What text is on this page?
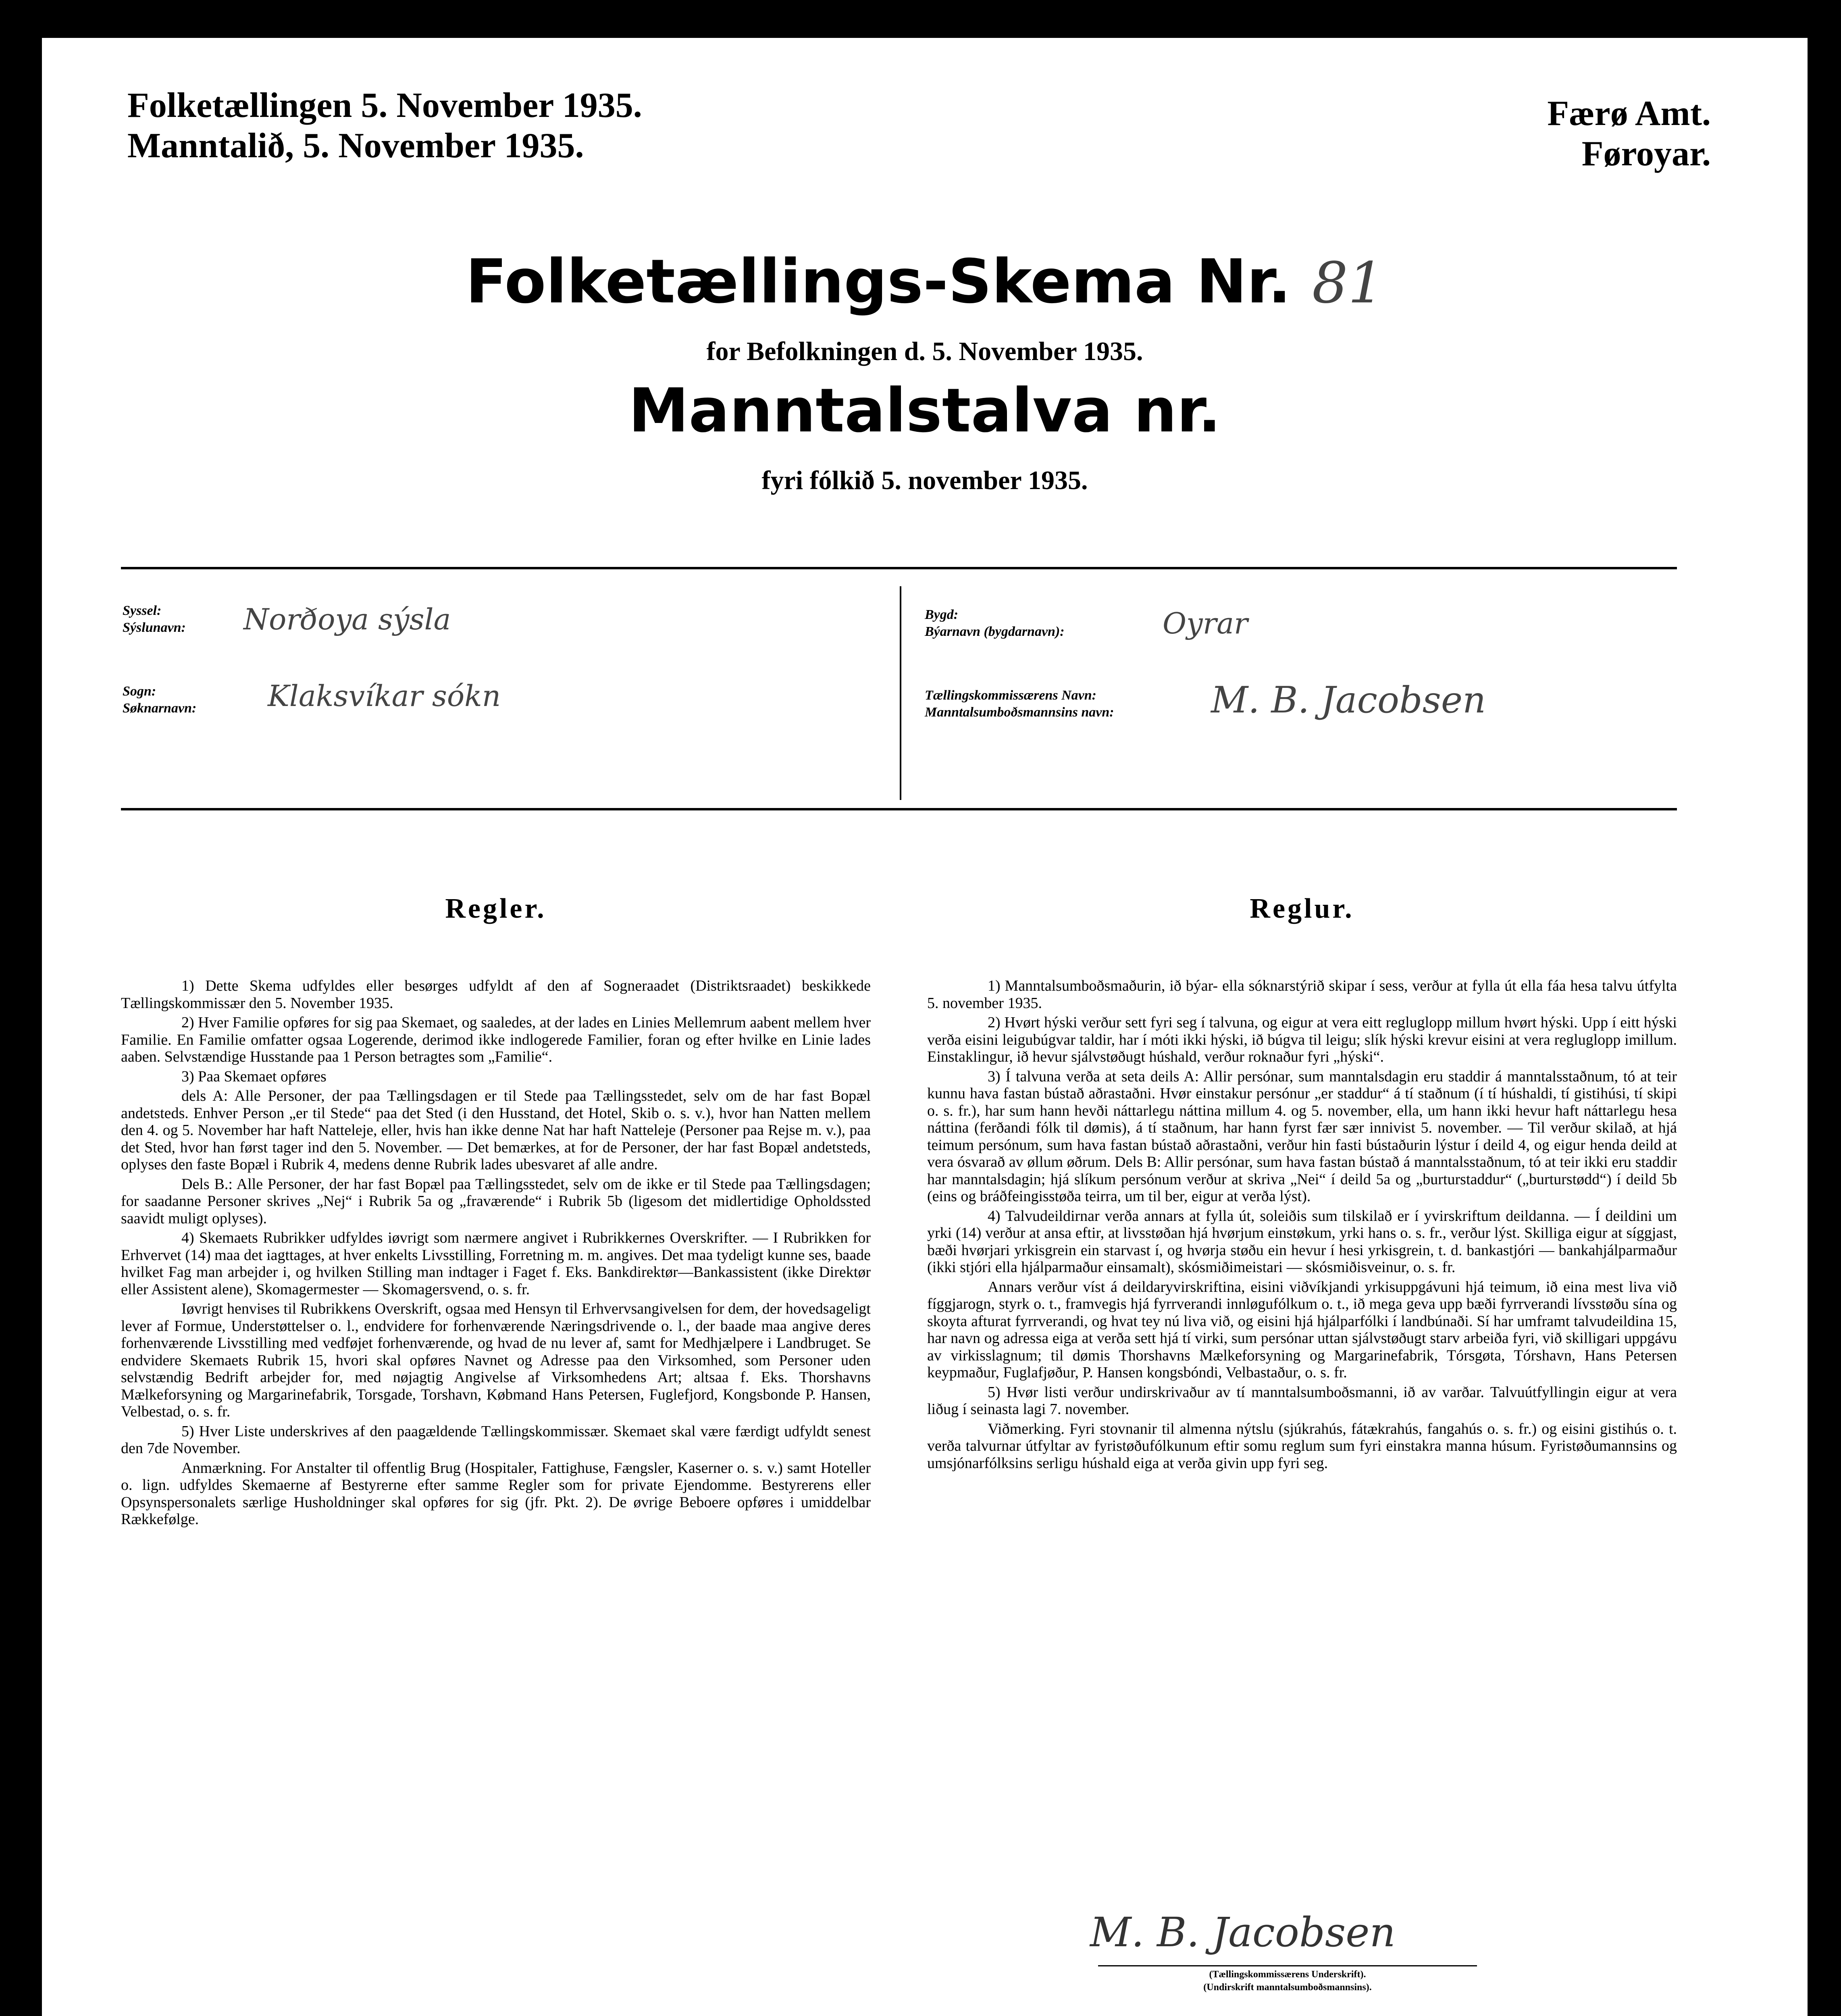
Folketællingen 5. November 1935.
Manntalið, 5. November 1935.
Færø Amt.
Føroyar.
Folketællings-Skema Nr. 81
for Befolkningen d. 5. November 1935.
Manntalstalva nr.
fyri fólkið 5. november 1935.
Syssel:
Sýslunavn: Norðoya sýsla
Sogn:
Søknarnavn: Klaksvíkar sókn
Bygd:
Býarnavn (bygdarnavn):	Oyrar
Tællingskommissærens Navn:
Manntalsumboðsmannsins navn:	M. B. Jacobsen
Regler.

1) Dette Skema udfyldes eller besørges udfyldt af den af Sogneraadet (Distriktsraadet) beskikkede Tællingskommissær den 5. November 1935.

2) Hver Familie opføres for sig paa Skemaet, og saaledes, at der lades en Linies Mellemrum aabent mellem hver Familie. En Familie omfatter ogsaa Logerende, derimod ikke indlogerede Familier, foran og efter hvilke en Linie lades aaben. Selvstændige Husstande paa 1 Person betragtes som „Familie“.

3) Paa Skemaet opføres

dels A: Alle Personer, der paa Tællingsdagen er til Stede paa Tællingsstedet, selv om de har fast Bopæl andetsteds. Enhver Person „er til Stede“ paa det Sted (i den Husstand, det Hotel, Skib o. s. v.), hvor han Natten mellem den 4. og 5. November har haft Natteleje, eller, hvis han ikke denne Nat har haft Natteleje (Personer paa Rejse m. v.), paa det Sted, hvor han først tager ind den 5. November. — Det bemærkes, at for de Personer, der har fast Bopæl andetsteds, oplyses den faste Bopæl i Rubrik 4, medens denne Rubrik lades ubesvaret af alle andre.

Dels B.: Alle Personer, der har fast Bopæl paa Tællingsstedet, selv om de ikke er til Stede paa Tællingsdagen; for saadanne Personer skrives „Nej“ i Rubrik 5a og „fraværende“ i Rubrik 5b (ligesom det midlertidige Opholdssted saavidt muligt oplyses).

4) Skemaets Rubrikker udfyldes iøvrigt som nærmere angivet i Rubrikkernes Overskrifter. — I Rubrikken for Erhvervet (14) maa det iagttages, at hver enkelts Livsstilling, Forretning m. m. angives. Det maa tydeligt kunne ses, baade hvilket Fag man arbejder i, og hvilken Stilling man indtager i Faget f. Eks. Bankdirektør—Bankassistent (ikke Direktør eller Assistent alene), Skomagermester — Skomagersvend, o. s. fr.

Iøvrigt henvises til Rubrikkens Overskrift, ogsaa med Hensyn til Erhvervsangivelsen for dem, der hovedsageligt lever af Formue, Understøttelser o. l., endvidere for forhenværende Næringsdrivende o. l., der baade maa angive deres forhenværende Livsstilling med vedføjet forhenværende, og hvad de nu lever af, samt for Medhjælpere i Landbruget. Se endvidere Skemaets Rubrik 15, hvori skal opføres Navnet og Adresse paa den Virksomhed, som Personer uden selvstændig Bedrift arbejder for, med nøjagtig Angivelse af Virksomhedens Art; altsaa f. Eks. Thorshavns Mælkeforsyning og Margarinefabrik, Torsgade, Torshavn, Købmand Hans Petersen, Fuglefjord, Kongsbonde P. Hansen, Velbestad, o. s. fr.

5) Hver Liste underskrives af den paagældende Tællingskommissær. Skemaet skal være færdigt udfyldt senest den 7de November.

Anmærkning. For Anstalter til offentlig Brug (Hospitaler, Fattighuse, Fængsler, Kaserner o. s. v.) samt Hoteller o. lign. udfyldes Skemaerne af Bestyrerne efter samme Regler som for private Ejendomme. Bestyrerens eller Opsynspersonalets særlige Husholdninger skal opføres for sig (jfr. Pkt. 2). De øvrige Beboere opføres i umiddelbar Rækkefølge.

Reglur.

1) Manntalsumboðsmaðurin, ið býar- ella sóknarstýrið skipar í sess, verður at fylla út ella fáa hesa talvu útfylta 5. november 1935.

2) Hvørt hýski verður sett fyri seg í talvuna, og eigur at vera eitt regluglopp millum hvørt hýski. Upp í eitt hýski verða eisini leigubúgvar taldir, har í móti ikki hýski, ið búgva til leigu; slík hýski krevur eisini at vera regluglopp imillum. Einstaklingur, ið hevur sjálvstøðugt húshald, verður roknaður fyri „hýski“.

3) Í talvuna verða at seta deils A: Allir persónar, sum manntalsdagin eru staddir á manntalsstaðnum, tó at teir kunnu hava fastan bústað aðrastaðni. Hvør einstakur persónur „er staddur“ á tí staðnum (í tí húshaldi, tí gistihúsi, tí skipi o. s. fr.), har sum hann hevði náttarlegu náttina millum 4. og 5. november, ella, um hann ikki hevur haft náttarlegu hesa náttina (ferðandi fólk til dømis), á tí staðnum, har hann fyrst fær sær innivist 5. november. — Til verður skilað, at hjá teimum persónum, sum hava fastan bústað aðrastaðni, verður hin fasti bústaðurin lýstur í deild 4, og eigur henda deild at vera ósvarað av øllum øðrum. Dels B: Allir persónar, sum hava fastan bústað á manntalsstaðnum, tó at teir ikki eru staddir har manntalsdagin; hjá slíkum persónum verður at skriva „Nei“ í deild 5a og „burturstaddur“ („burturstødd“) í deild 5b (eins og bráðfeingisstøða teirra, um til ber, eigur at verða lýst).

4) Talvudeildirnar verða annars at fylla út, soleiðis sum tilskilað er í yvirskriftum deildanna. — Í deildini um yrki (14) verður at ansa eftir, at livsstøðan hjá hvørjum einstøkum, yrki hans o. s. fr., verður lýst. Skilliga eigur at síggjast, bæði hvørjari yrkisgrein ein starvast í, og hvørja støðu ein hevur í hesi yrkisgrein, t. d. bankastjóri — bankahjálparmaður (ikki stjóri ella hjálparmaður einsamalt), skósmiðimeistari — skósmiðisveinur, o. s. fr.

Annars verður víst á deildaryvirskriftina, eisini viðvíkjandi yrkisuppgávuni hjá teimum, ið eina mest liva við fíggjarogn, styrk o. t., framvegis hjá fyrrverandi innløgufólkum o. t., ið mega geva upp bæði fyrrverandi lívsstøðu sína og skoyta afturat fyrrverandi, og hvat tey nú liva við, og eisini hjá hjálparfólki í landbúnaði. Sí har umframt talvudeildina 15, har navn og adressa eiga at verða sett hjá tí virki, sum persónar uttan sjálvstøðugt starv arbeiða fyri, við skilligari uppgávu av virkisslagnum; til dømis Thorshavns Mælkeforsyning og Margarinefabrik, Tórsgøta, Tórshavn, Hans Petersen keypmaður, Fuglafjøður, P. Hansen kongsbóndi, Velbastaður, o. s. fr.

5) Hvør listi verður undirskrivaður av tí manntalsumboðsmanni, ið av varðar. Talvuútfyllingin eigur at vera liðug í seinasta lagi 7. november.

Viðmerking. Fyri stovnanir til almenna nýtslu (sjúkrahús, fátækrahús, fangahús o. s. fr.) og eisini gistihús o. t. verða talvurnar útfyltar av fyristøðufólkunum eftir somu reglum sum fyri einstakra manna húsum. Fyristøðumannsins og umsjónarfólksins serligu húshald eiga at verða givin upp fyri seg.

M. B. Jacobsen
(Tællingskommissærens Underskrift).
(Undirskrift manntalsumboðsmannsins).
